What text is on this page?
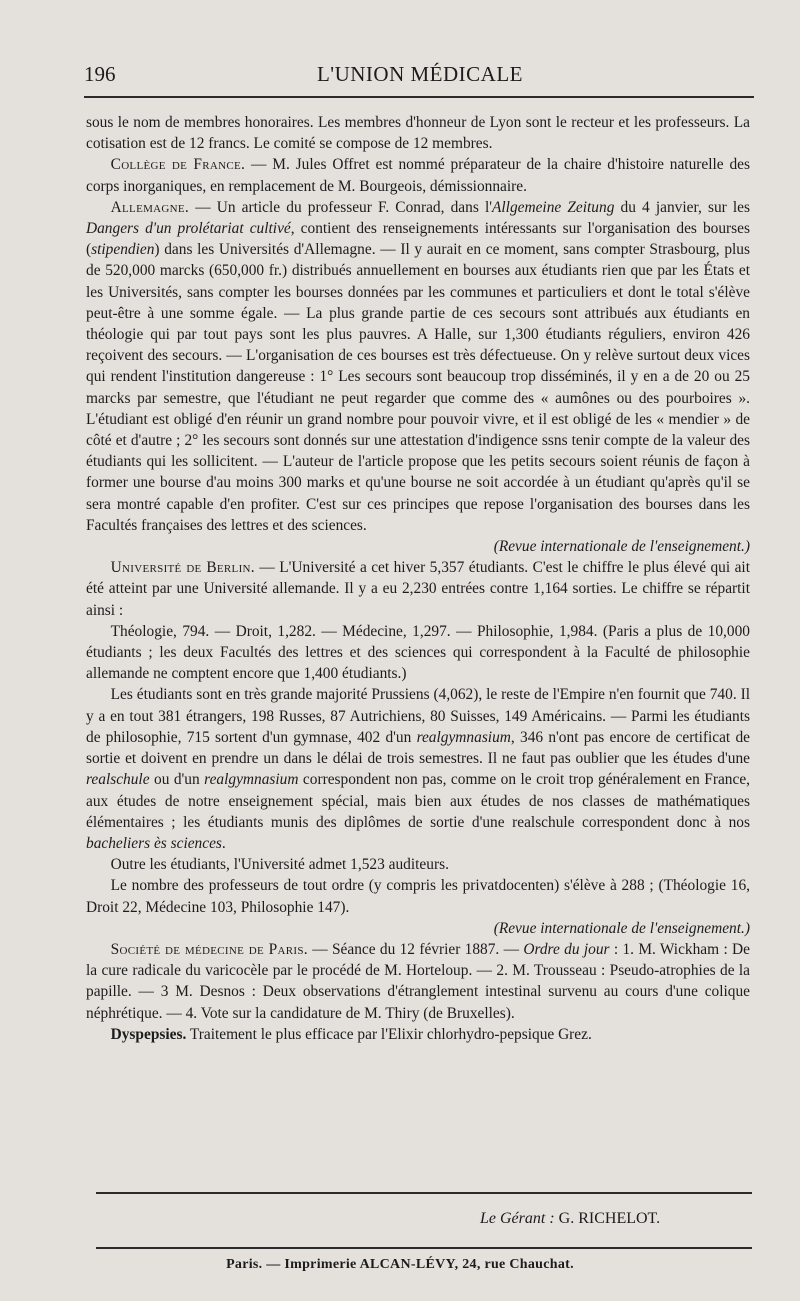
196	L'UNION MÉDICALE

sous le nom de membres honoraires. Les membres d'honneur de Lyon sont le recteur et les professeurs. La cotisation est de 12 francs. Le comité se compose de 12 membres.

Collège de France. — M. Jules Offret est nommé préparateur de la chaire d'histoire naturelle des corps inorganiques, en remplacement de M. Bourgeois, démissionnaire.

Allemagne. — Un article du professeur F. Conrad, dans l'Allgemeine Zeitung du 4 janvier, sur les Dangers d'un prolétariat cultivé, contient des renseignements intéressants sur l'organisation des bourses (stipendien) dans les Universités d'Allemagne. — Il y aurait en ce moment, sans compter Strasbourg, plus de 520,000 marcks (650,000 fr.) distribués annuellement en bourses aux étudiants rien que par les États et les Universités, sans compter les bourses données par les communes et particuliers et dont le total s'élève peut-être à une somme égale. — La plus grande partie de ces secours sont attribués aux étudiants en théologie qui par tout pays sont les plus pauvres. A Halle, sur 1,300 étudiants réguliers, environ 426 reçoivent des secours. — L'organisation de ces bourses est très défectueuse. On y relève surtout deux vices qui rendent l'institution dangereuse : 1° Les secours sont beaucoup trop disséminés, il y en a de 20 ou 25 marcks par semestre, que l'étudiant ne peut regarder que comme des « aumônes ou des pourboires ». L'étudiant est obligé d'en réunir un grand nombre pour pouvoir vivre, et il est obligé de les « mendier » de côté et d'autre ; 2° les secours sont donnés sur une attestation d'indigence ssns tenir compte de la valeur des étudiants qui les sollicitent. — L'auteur de l'article propose que les petits secours soient réunis de façon à former une bourse d'au moins 300 marks et qu'une bourse ne soit accordée à un étudiant qu'après qu'il se sera montré capable d'en profiter. C'est sur ces principes que repose l'organisation des bourses dans les Facultés françaises des lettres et des sciences.

(Revue internationale de l'enseignement.)

Université de Berlin. — L'Université a cet hiver 5,357 étudiants. C'est le chiffre le plus élevé qui ait été atteint par une Université allemande. Il y a eu 2,230 entrées contre 1,164 sorties. Le chiffre se répartit ainsi :

Théologie, 794. — Droit, 1,282. — Médecine, 1,297. — Philosophie, 1,984. (Paris a plus de 10,000 étudiants ; les deux Facultés des lettres et des sciences qui correspondent à la Faculté de philosophie allemande ne comptent encore que 1,400 étudiants.)

Les étudiants sont en très grande majorité Prussiens (4,062), le reste de l'Empire n'en fournit que 740. Il y a en tout 381 étrangers, 198 Russes, 87 Autrichiens, 80 Suisses, 149 Américains. — Parmi les étudiants de philosophie, 715 sortent d'un gymnase, 402 d'un realgymnasium, 346 n'ont pas encore de certificat de sortie et doivent en prendre un dans le délai de trois semestres. Il ne faut pas oublier que les études d'une realschule ou d'un realgymnasium correspondent non pas, comme on le croit trop généralement en France, aux études de notre enseignement spécial, mais bien aux études de nos classes de mathématiques élémentaires ; les étudiants munis des diplômes de sortie d'une realschule correspondent donc à nos bacheliers ès sciences.

Outre les étudiants, l'Université admet 1,523 auditeurs.

Le nombre des professeurs de tout ordre (y compris les privatdocenten) s'élève à 288 ; (Théologie 16, Droit 22, Médecine 103, Philosophie 147).

(Revue internationale de l'enseignement.)

Société de médecine de Paris. — Séance du 12 février 1887. — Ordre du jour : 1. M. Wickham : De la cure radicale du varicocèle par le procédé de M. Horteloup. — 2. M. Trousseau : Pseudo-atrophies de la papille. — 3 M. Desnos : Deux observations d'étranglement intestinal survenu au cours d'une colique néphrétique. — 4. Vote sur la candidature de M. Thiry (de Bruxelles).

Dyspepsies. Traitement le plus efficace par l'Elixir chlorhydro-pepsique Grez.

Le Gérant : G. RICHELOT.
Paris. — Imprimerie ALCAN-LÉVY, 24, rue Chauchat.
